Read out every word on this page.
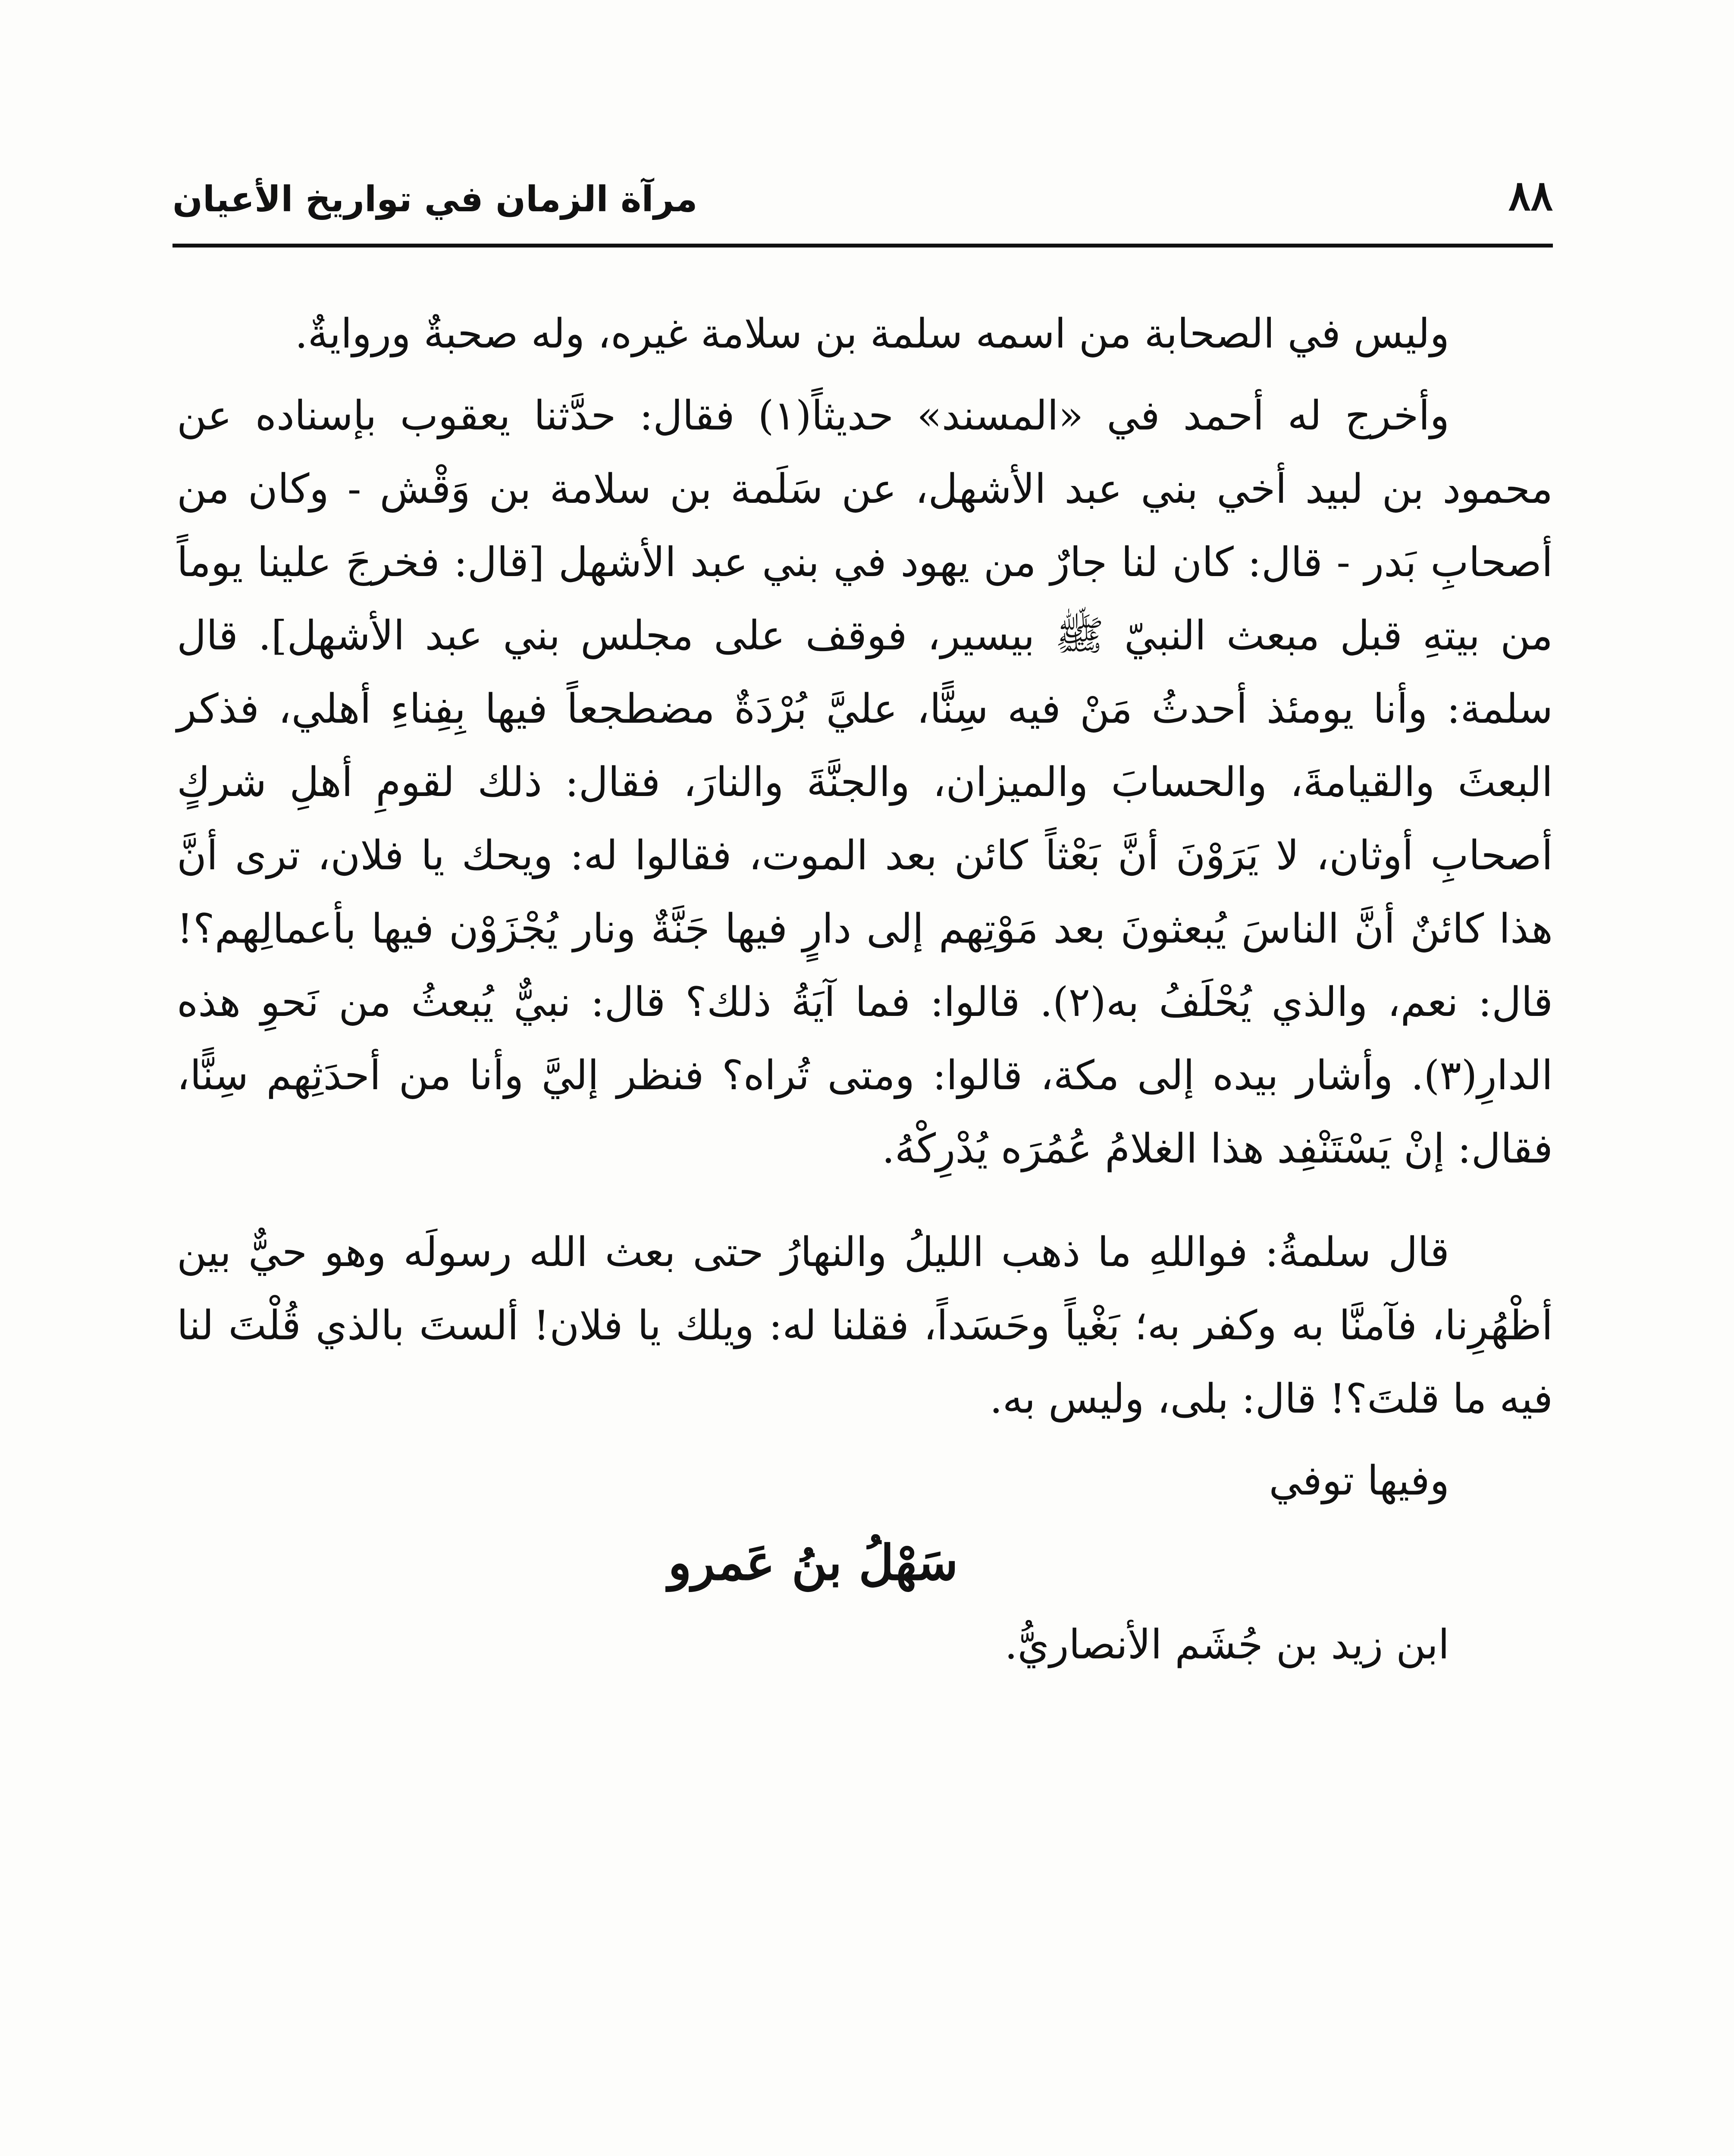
٨٨
مرآة الزمان في تواريخ الأعيان

وليس في الصحابة من اسمه سلمة بن سلامة غيره، وله صحبةٌ وروايةٌ.

وأخرج له أحمد في «المسند» حديثاً(١) فقال: حدَّثنا يعقوب بإسناده عن محمود بن لبيد أخي بني عبد الأشهل، عن سَلَمة بن سلامة بن وَقْش - وكان من أصحابِ بَدر - قال: كان لنا جارٌ من يهود في بني عبد الأشهل [قال: فخرجَ علينا يوماً من بيتهِ قبل مبعث النبيّ ﷺ بيسير، فوقف على مجلس بني عبد الأشهل]. قال سلمة: وأنا يومئذ أحدثُ مَنْ فيه سِنًّا، عليَّ بُرْدَةٌ مضطجعاً فيها بِفِناءِ أهلي، فذكر البعثَ والقيامةَ، والحسابَ والميزان، والجنَّةَ والنارَ، فقال: ذلك لقومِ أهلِ شركٍ أصحابِ أوثان، لا يَرَوْنَ أنَّ بَعْثاً كائن بعد الموت، فقالوا له: ويحك يا فلان، ترى أنَّ هذا كائنٌ أنَّ الناسَ يُبعثونَ بعد مَوْتِهم إلى دارٍ فيها جَنَّةٌ ونار يُجْزَوْن فيها بأعمالِهم؟! قال: نعم، والذي يُحْلَفُ به(٢). قالوا: فما آيَةُ ذلك؟ قال: نبيٌّ يُبعثُ من نَحوِ هذه الدارِ(٣). وأشار بيده إلى مكة، قالوا: ومتى تُراه؟ فنظر إليَّ وأنا من أحدَثِهم سِنًّا، فقال: إنْ يَسْتَنْفِد هذا الغلامُ عُمُرَه يُدْرِكْهُ.

قال سلمةُ: فواللهِ ما ذهب الليلُ والنهارُ حتى بعث الله رسولَه وهو حيٌّ بين أظْهُرِنا، فآمنَّا به وكفر به؛ بَغْياً وحَسَداً، فقلنا له: ويلك يا فلان! ألستَ بالذي قُلْتَ لنا فيه ما قلتَ؟! قال: بلى، وليس به.

وفيها توفي

سَهْلُ بنُ عَمرو

ابن زيد بن جُشَم الأنصاريُّ.
